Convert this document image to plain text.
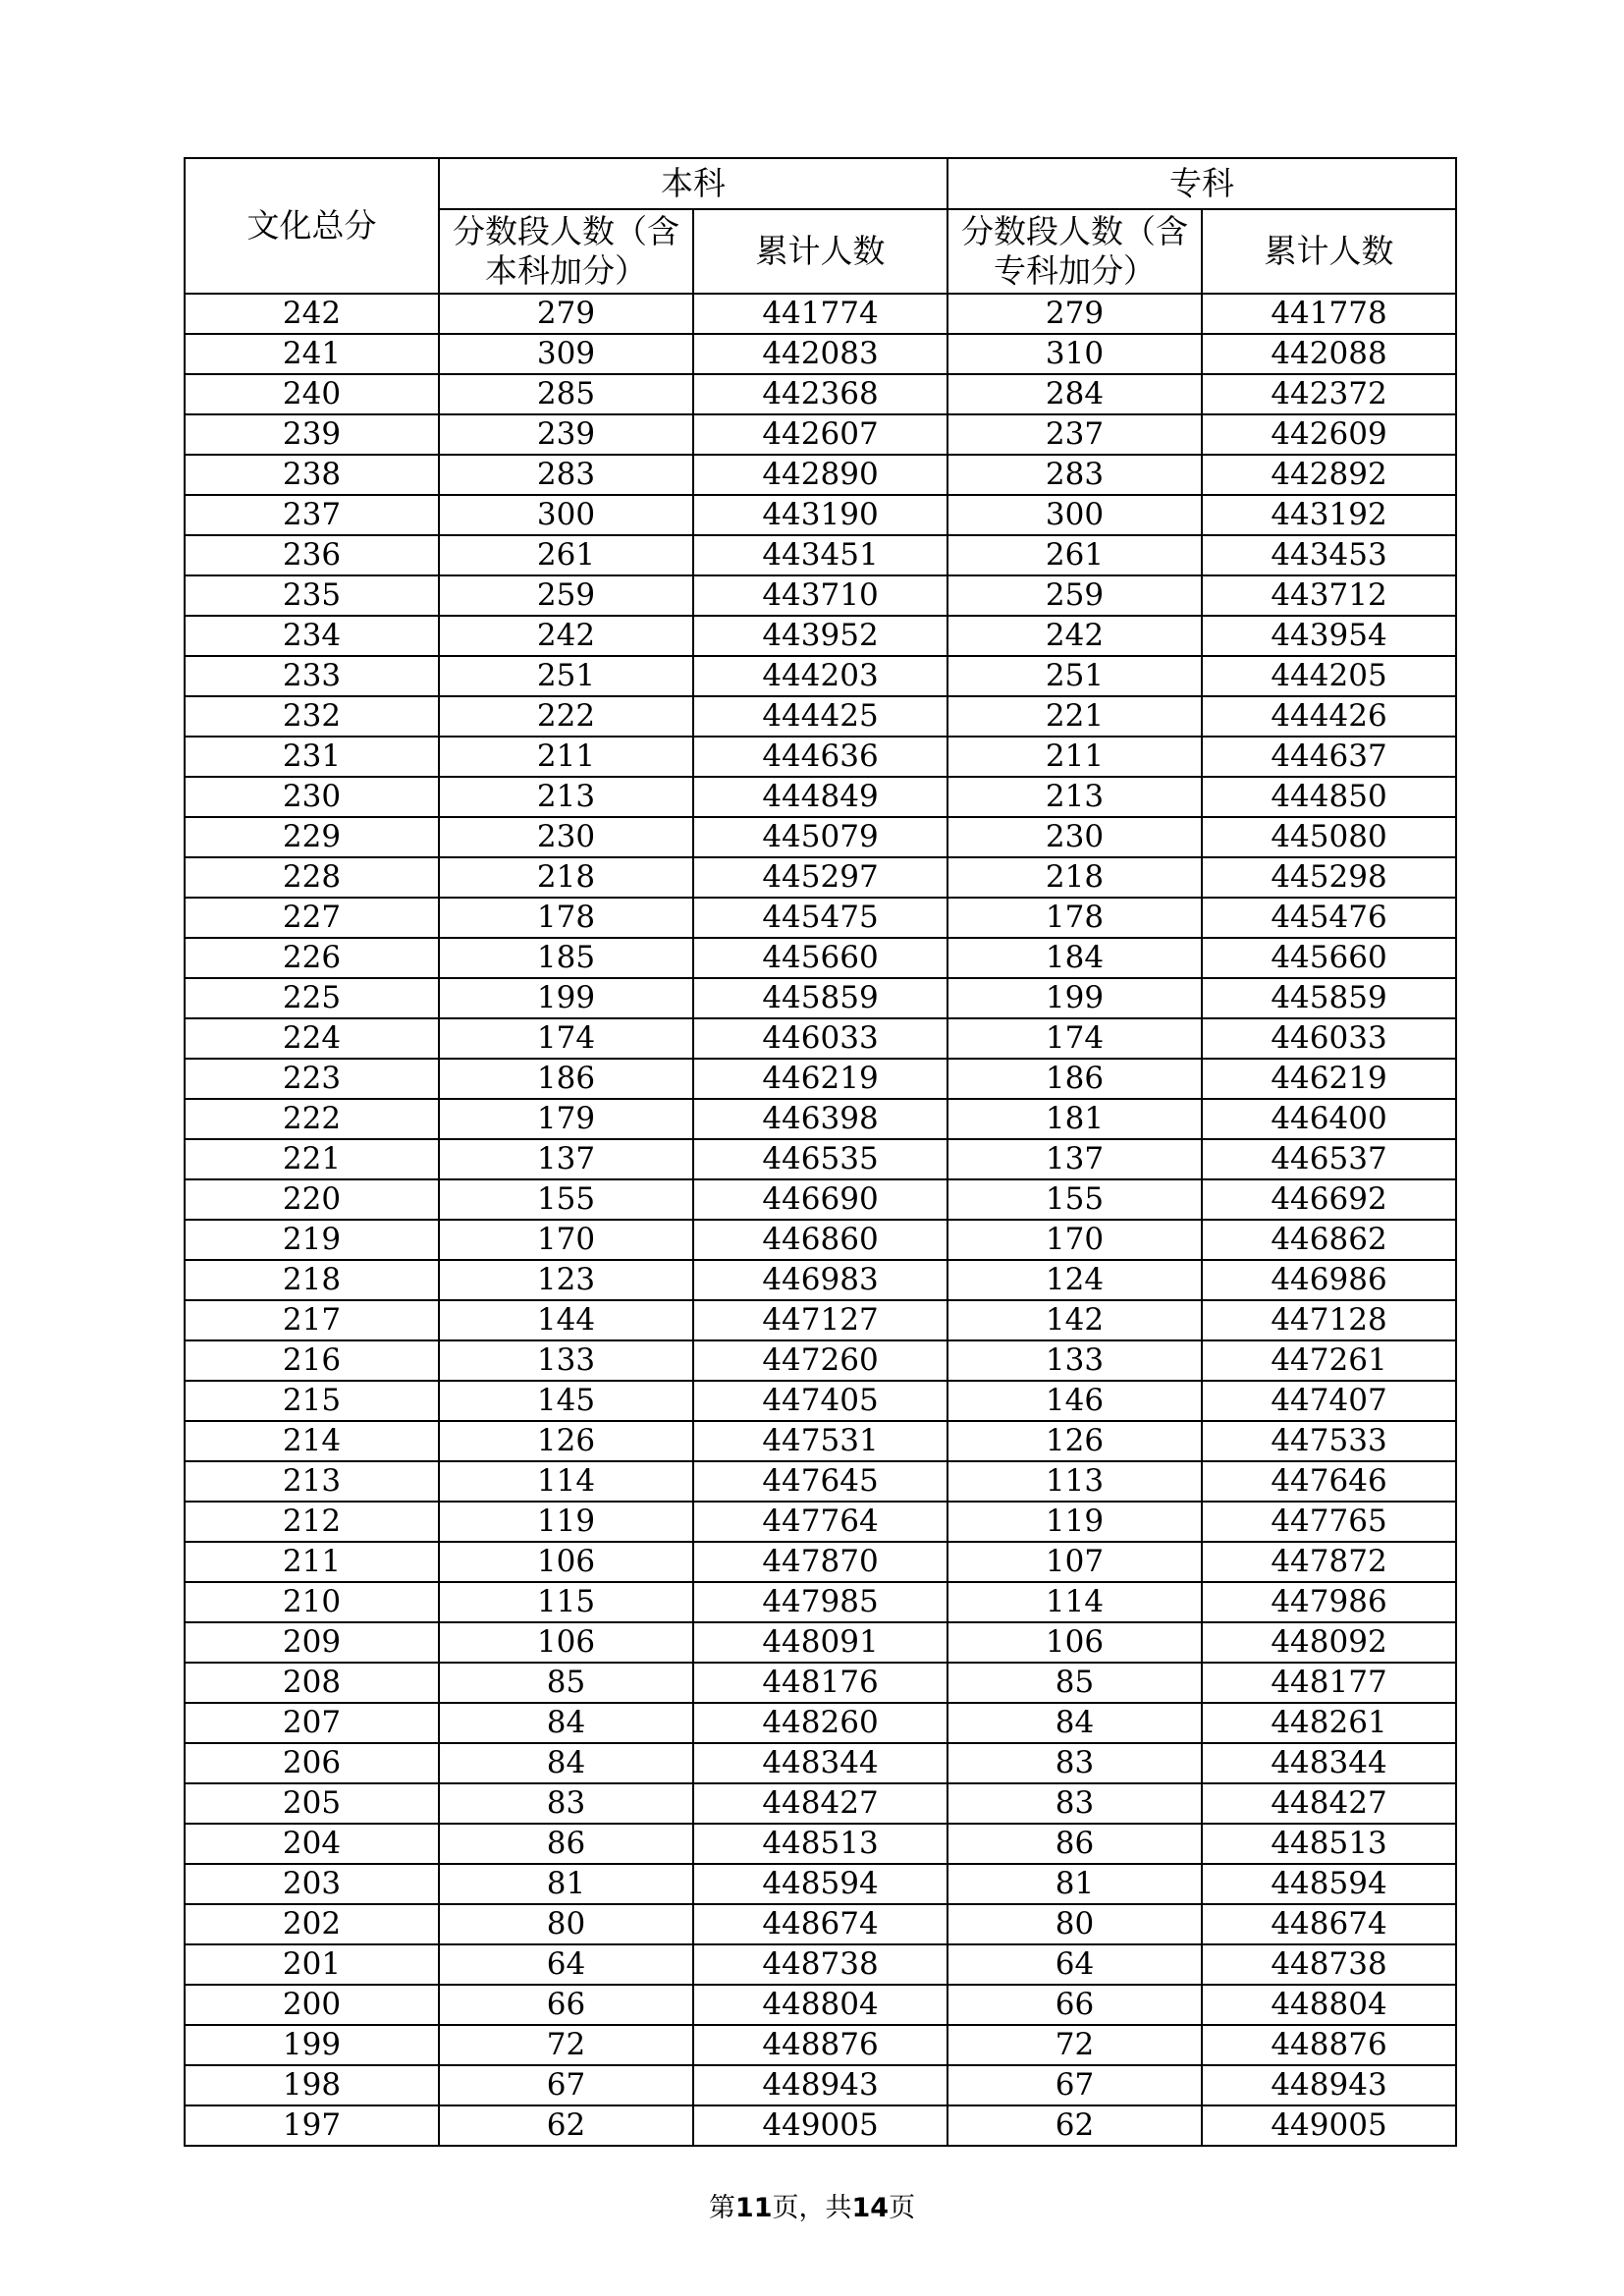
文化总分	本科		专科	
	分数段人数（含本科加分）	累计人数	分数段人数（含专科加分）	累计人数
242	279	441774	279	441778
241	309	442083	310	442088
240	285	442368	284	442372
239	239	442607	237	442609
238	283	442890	283	442892
237	300	443190	300	443192
236	261	443451	261	443453
235	259	443710	259	443712
234	242	443952	242	443954
233	251	444203	251	444205
232	222	444425	221	444426
231	211	444636	211	444637
230	213	444849	213	444850
229	230	445079	230	445080
228	218	445297	218	445298
227	178	445475	178	445476
226	185	445660	184	445660
225	199	445859	199	445859
224	174	446033	174	446033
223	186	446219	186	446219
222	179	446398	181	446400
221	137	446535	137	446537
220	155	446690	155	446692
219	170	446860	170	446862
218	123	446983	124	446986
217	144	447127	142	447128
216	133	447260	133	447261
215	145	447405	146	447407
214	126	447531	126	447533
213	114	447645	113	447646
212	119	447764	119	447765
211	106	447870	107	447872
210	115	447985	114	447986
209	106	448091	106	448092
208	85	448176	85	448177
207	84	448260	84	448261
206	84	448344	83	448344
205	83	448427	83	448427
204	86	448513	86	448513
203	81	448594	81	448594
202	80	448674	80	448674
201	64	448738	64	448738
200	66	448804	66	448804
199	72	448876	72	448876
198	67	448943	67	448943
197	62	449005	62	449005
第11页，共14页
